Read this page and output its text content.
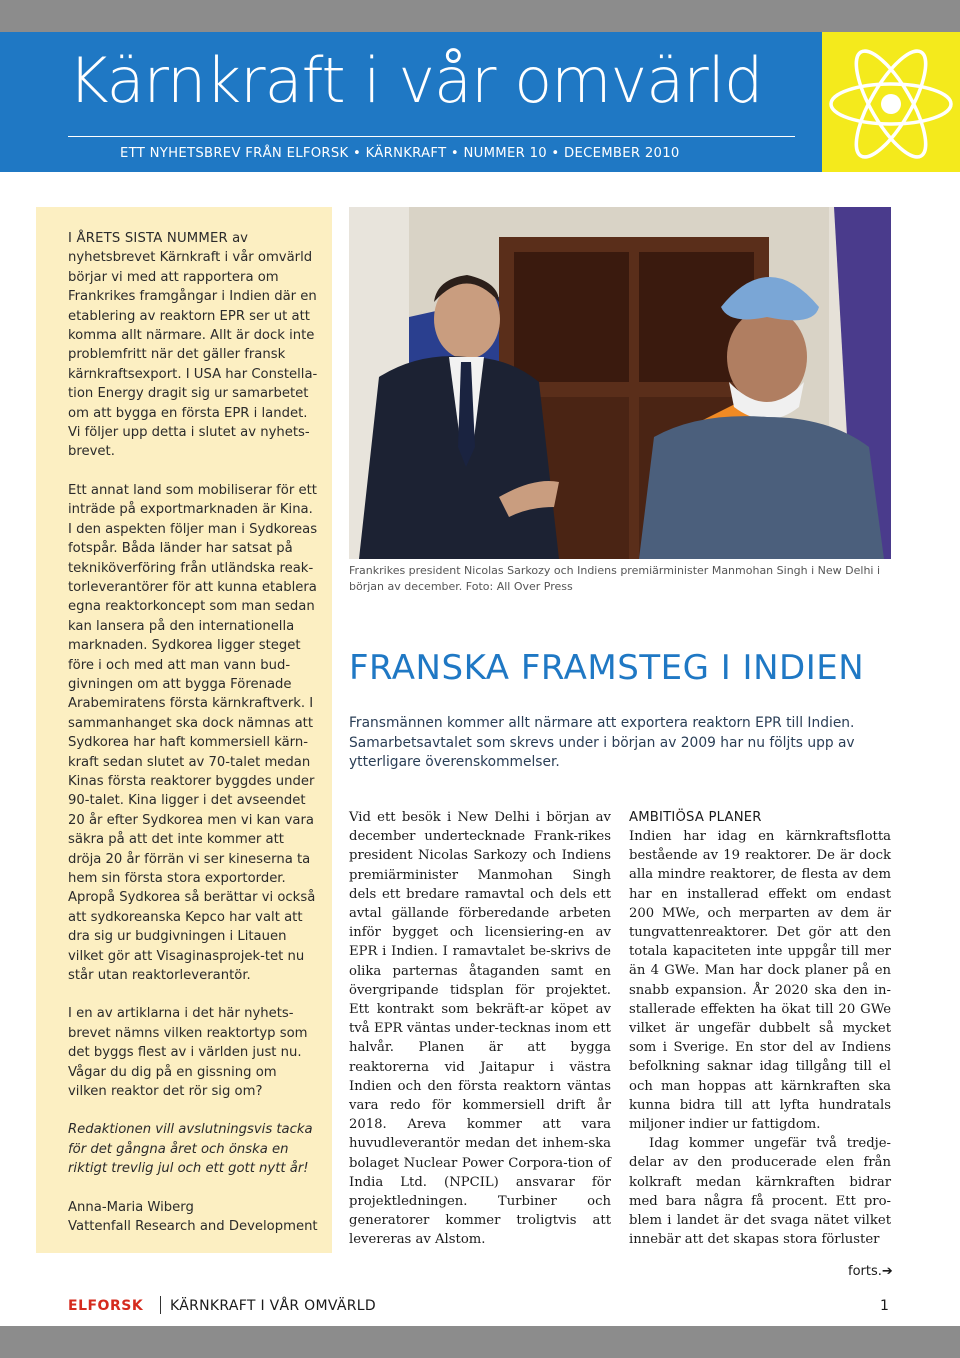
Kärnkraft i vår omvärld
ETT NYHETSBREV FRÅN ELFORSK • KÄRNKRAFT • NUMMER 10 • DECEMBER 2010

I ÅRETS SISTA NUMMER av nyhetsbrevet Kärnkraft i vår omvärld börjar vi med att rapportera om Frankrikes framgångar i Indien där en etablering av reaktorn EPR ser ut att komma allt närmare. Allt är dock inte problemfritt när det gäller fransk kärnkraftsexport. I USA har Constella-tion Energy dragit sig ur samarbetet om att bygga en första EPR i landet. Vi följer upp detta i slutet av nyhets-brevet.

Ett annat land som mobiliserar för ett inträde på exportmarknaden är Kina. I den aspekten följer man i Sydkoreas fotspår. Båda länder har satsat på tekniköverföring från utländska reak-torleverantörer för att kunna etablera egna reaktorkoncept som man sedan kan lansera på den internationella marknaden. Sydkorea ligger steget före i och med att man vann bud-givningen om att bygga Förenade Arabemiratens första kärnkraftverk. I sammanhanget ska dock nämnas att Sydkorea har haft kommersiell kärn-kraft sedan slutet av 70-talet medan Kinas första reaktorer byggdes under 90-talet. Kina ligger i det avseendet 20 år efter Sydkorea men vi kan vara säkra på att det inte kommer att dröja 20 år förrän vi ser kineserna ta hem sin första stora exportorder. Apropå Sydkorea så berättar vi också att sydkoreanska Kepco har valt att dra sig ur budgivningen i Litauen vilket gör att Visaginasprojek-tet nu står utan reaktorleverantör.

I en av artiklarna i det här nyhets-brevet nämns vilken reaktortyp som det byggs flest av i världen just nu. Vågar du dig på en gissning om vilken reaktor det rör sig om?

Redaktionen vill avslutningsvis tacka för det gångna året och önska en riktigt trevlig jul och ett gott nytt år!

Anna-Maria Wiberg
Vattenfall Research and Development

Frankrikes president Nicolas Sarkozy och Indiens premiärminister Manmohan Singh i New Delhi i början av december. Foto: All Over Press
FRANSKA FRAMSTEG I INDIEN
Fransmännen kommer allt närmare att exportera reaktorn EPR till Indien. Samarbetsavtalet som skrevs under i början av 2009 har nu följts upp av ytterligare överenskommelser.

Vid ett besök i New Delhi i början av december undertecknade Frank-rikes president Nicolas Sarkozy och Indiens premiärminister Manmohan Singh dels ett bredare ramavtal och dels ett avtal gällande förberedande arbeten inför bygget och licensiering-en av EPR i Indien. I ramavtalet be-skrivs de olika parternas åtaganden samt en övergripande tidsplan för projektet. Ett kontrakt som bekräft-ar köpet av två EPR väntas under-tecknas inom ett halvår. Planen är att bygga reaktorerna vid Jaitapur i västra Indien och den första reaktorn väntas vara redo för kommersiell drift år 2018. Areva kommer att vara huvudleverantör medan det inhem-ska bolaget Nuclear Power Corpora-tion of India Ltd. (NPCIL) ansvarar för projektledningen. Turbiner och generatorer kommer troligtvis att levereras av Alstom.

AMBITIÖSA PLANER

Indien har idag en kärnkraftsflotta bestående av 19 reaktorer. De är dock alla mindre reaktorer, de flesta av dem har en installerad effekt om endast 200 MWe, och merparten av dem är tungvattenreaktorer. Det gör att den totala kapaciteten inte uppgår till mer än 4 GWe. Man har dock planer på en snabb expansion. År 2020 ska den in-stallerade effekten ha ökat till 20 GWe vilket är ungefär dubbelt så mycket som i Sverige. En stor del av Indiens befolkning saknar idag tillgång till el och man hoppas att kärnkraften ska kunna bidra till att lyfta hundratals miljoner indier ur fattigdom.

Idag kommer ungefär två tredje-delar av den producerade elen från kolkraft medan kärnkraften bidrar med bara några få procent. Ett pro-blem i landet är det svaga nätet vilket innebär att det skapas stora förluster

forts.➔
ELFORSK KÄRNKRAFT I VÅR OMVÄRLD	1
